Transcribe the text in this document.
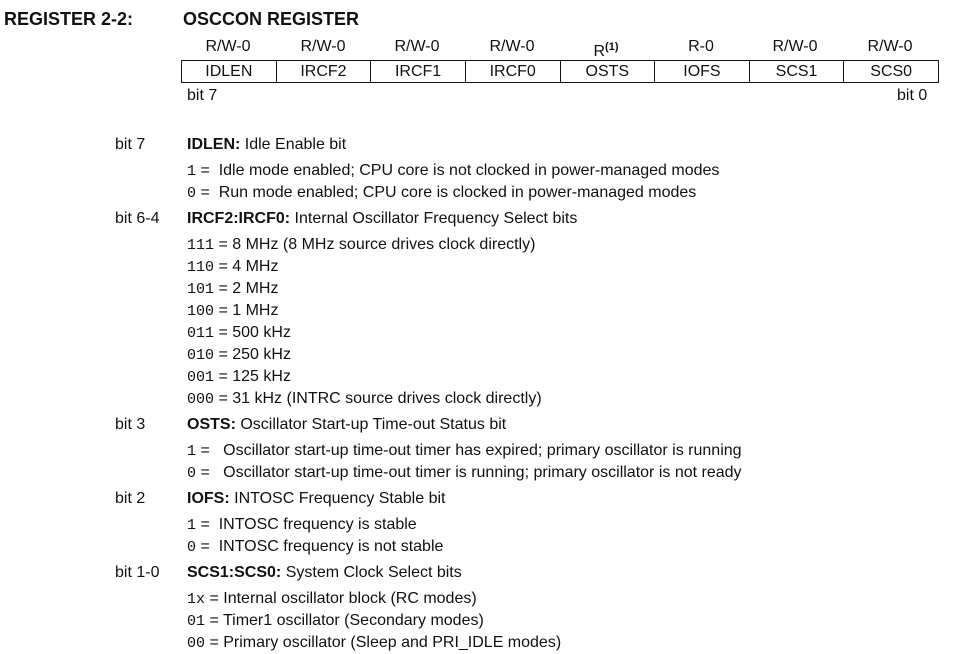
REGISTER 2-2:	OSCCON REGISTER
R/W-0	R/W-0	R/W-0	R/W-0	$R^{(1)}$	R-0	R/W-0	R/W-0
IDLEN	IRCF2	IRCF1	IRCF0	OSTS	IOFS	SCS1	SCS0
bit 7	bit 0
bit 7	IDLEN: Idle Enable bit
1 =  Idle mode enabled; CPU core is not clocked in power-managed modes
0 =  Run mode enabled; CPU core is clocked in power-managed modes
bit 6-4 IRCF2:IRCF0: Internal Oscillator Frequency Select bits
111 = 8 MHz (8 MHz source drives clock directly)
110 = 4 MHz
101 = 2 MHz
100 = 1 MHz
011 = 500 kHz
010 = 250 kHz
001 = 125 kHz
000 = 31 kHz (INTRC source drives clock directly)
bit 3	OSTS: Oscillator Start-up Time-out Status bit
1 =   Oscillator start-up time-out timer has expired; primary oscillator is running
0 =   Oscillator start-up time-out timer is running; primary oscillator is not ready
bit 2	IOFS: INTOSC Frequency Stable bit
1 =  INTOSC frequency is stable
0 =  INTOSC frequency is not stable
bit 1-0 SCS1:SCS0: System Clock Select bits
1x = Internal oscillator block (RC modes)
01 = Timer1 oscillator (Secondary modes)
00 = Primary oscillator (Sleep and PRI_IDLE modes)
